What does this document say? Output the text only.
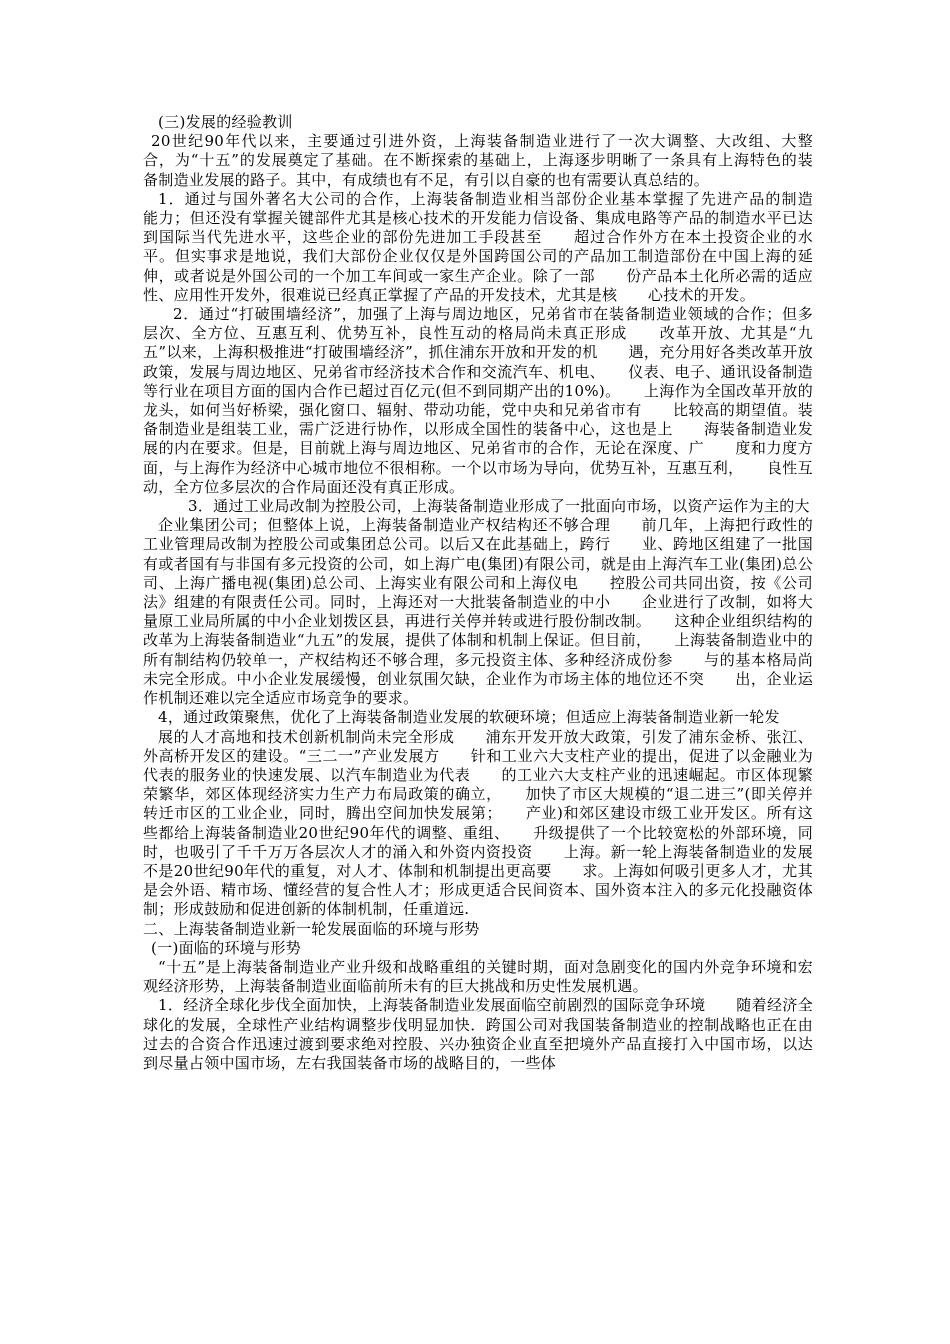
(三)发展的经验教训

20世纪90年代以来，主要通过引进外资，上海装备制造业进行了一次大调整、大改组、大整　　合，为“十五”的发展奠定了基础。在不断探索的基础上，上海逐步明晰了一条具有上海特色的装　　备制造业发展的路子。其中，有成绩也有不足，有引以自豪的也有需要认真总结的。

1．通过与国外著名大公司的合作，上海装备制造业相当部份企业基本掌握了先进产品的制造　　能力；但还没有掌握关键部件尤其是核心技术的开发能力信设备、集成电路等产品的制造水平已达到国际当代先进水平，这些企业的部份先进加工手段甚至　　超过合作外方在本土投资企业的水平。但实事求是地说，我们大部份企业仅仅是外国跨国公司的产品加工制造部份在中国上海的延伸，或者说是外国公司的一个加工车间或一家生产企业。除了一部　　份产品本土化所必需的适应性、应用性开发外，很难说已经真正掌握了产品的开发技术，尤其是核　　心技术的开发。

2．通过“打破围墙经济”，加强了上海与周边地区，兄弟省市在装备制造业领域的合作；但多　　层次、全方位、互惠互利、优势互补，良性互动的格局尚未真正形成　　改革开放、尤其是“九五”以来，上海积极推进“打破围墙经济”，抓住浦东开放和开发的机　　遇，充分用好各类改革开放政策，发展与周边地区、兄弟省市经济技术合作和交流汽车、机电、　　仪表、电子、通讯设备制造等行业在项目方面的国内合作已超过百亿元(但不到同期产出的10%)。　　上海作为全国改革开放的龙头，如何当好桥梁，强化窗口、辐射、带动功能，党中央和兄弟省市有　　比较高的期望值。装备制造业是组装工业，需广泛进行协作，以形成全国性的装备中心，这也是上　　海装备制造业发展的内在要求。但是，目前就上海与周边地区、兄弟省市的合作，无论在深度、广　　度和力度方面，与上海作为经济中心城市地位不很相称。一个以市场为导向，优势互补，互惠互利，　　良性互动，全方位多层次的合作局面还没有真正形成。

3．通过工业局改制为控股公司，上海装备制造业形成了一批面向市场，以资产运作为主的大

企业集团公司；但整体上说，上海装备制造业产权结构还不够合理　　前几年，上海把行政性的工业管理局改制为控股公司或集团总公司。以后又在此基础上，跨行　　业、跨地区组建了一批国有或者国有与非国有多元投资的公司，如上海广电(集团)有限公司，就是由上海汽车工业(集团)总公司、上海广播电视(集团)总公司、上海实业有限公司和上海仪电　　控股公司共同出资，按《公司法》组建的有限责任公司。同时，上海还对一大批装备制造业的中小　　企业进行了改制，如将大量原工业局所属的中小企业划拨区县，再进行关停并转或进行股份制改制。　　这种企业组织结构的改革为上海装备制造业“九五”的发展，提供了体制和机制上保证。但目前，　　上海装备制造业中的所有制结构仍较单一，产权结构还不够合理，多元投资主体、多种经济成份参　　与的基本格局尚未完全形成。中小企业发展缓慢，创业氛围欠缺，企业作为市场主体的地位还不突　　出，企业运作机制还难以完全适应市场竞争的要求。

4，通过政策聚焦，优化了上海装备制造业发展的软硬环境；但适应上海装备制造业新一轮发

展的人才高地和技术创新机制尚未完全形成　　浦东开发开放大政策，引发了浦东金桥、张江、外高桥开发区的建设。“三二一”产业发展方　　针和工业六大支柱产业的提出，促进了以金融业为代表的服务业的快速发展、以汽车制造业为代表　　的工业六大支柱产业的迅速崛起。市区体现繁荣繁华，郊区体现经济实力生产力布局政策的确立，　　加快了市区大规模的“退二进三”(即关停并转迁市区的工业企业，同时，腾出空间加快发展第；　　产业)和郊区建设市级工业开发区。所有这些都给上海装备制造业20世纪90年代的调整、重组、　　升级提供了一个比较宽松的外部环境，同时，也吸引了千千万万各层次人才的涌入和外资内资投资　　上海。新一轮上海装备制造业的发展不是20世纪90年代的重复，对人才、体制和机制提出更高要　　求。上海如何吸引更多人才，尤其是会外语、精市场、懂经营的复合性人才；形成更适合民间资本、国外资本注入的多元化投融资体制；形成鼓励和促进创新的体制机制，任重道远.

二、上海装备制造业新一轮发展面临的环境与形势

(一)面临的环境与形势

“十五”是上海装备制造业产业升级和战略重组的关键时期，面对急剧变化的国内外竞争环境和宏观经济形势，上海装备制造业面临前所未有的巨大挑战和历史性发展机遇。

1．经济全球化步伐全面加快，上海装备制造业发展面临空前剧烈的国际竞争环境　　随着经济全球化的发展，全球性产业结构调整步伐明显加快．跨国公司对我国装备制造业的控制战略也正在由过去的合资合作迅速过渡到要求绝对控股、兴办独资企业直至把境外产品直接打入中国市场，以达到尽量占领中国市场，左右我国装备市场的战略目的，一些体
